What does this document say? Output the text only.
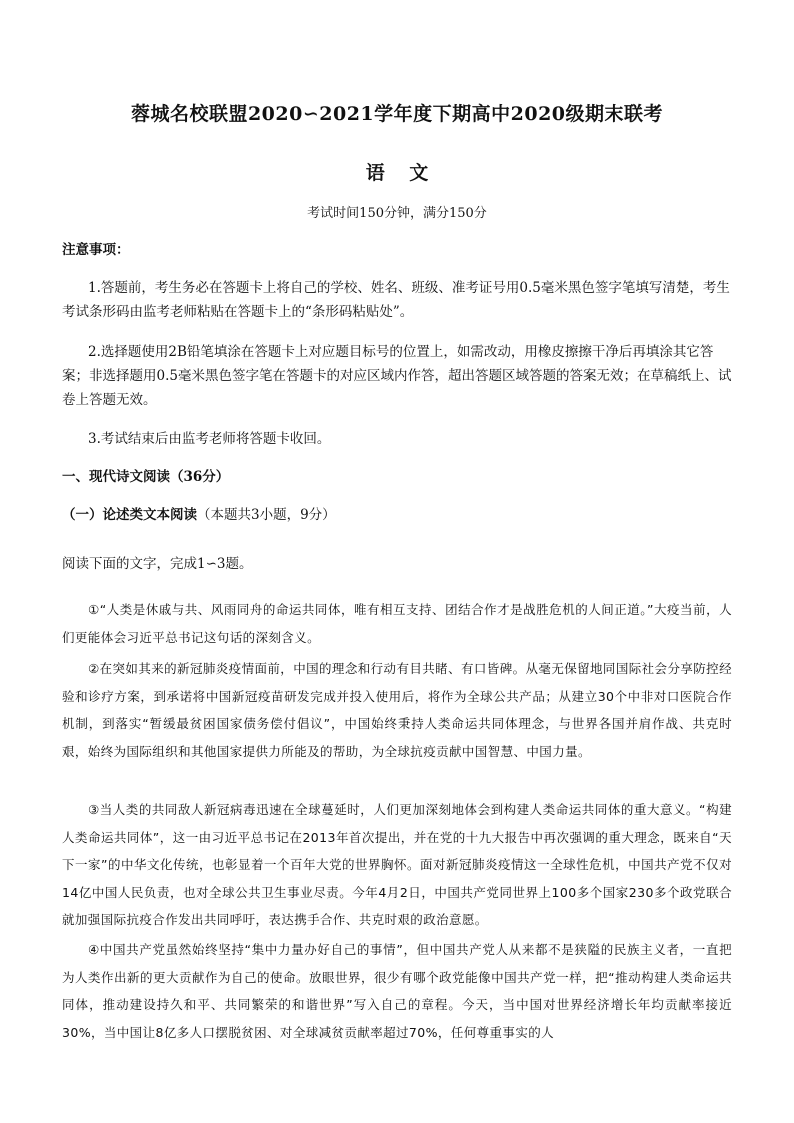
蓉城名校联盟2020∽2021学年度下期高中2020级期末联考
语 文
考试时间150分钟，满分150分
注意事项：
1.答题前，考生务必在答题卡上将自己的学校、姓名、班级、准考证号用0.5毫米黑色签字笔填写清楚，考生考试条形码由监考老师粘贴在答题卡上的“条形码粘贴处”。
2.选择题使用2B铅笔填涂在答题卡上对应题目标号的位置上，如需改动，用橡皮擦擦干净后再填涂其它答案；非选择题用0.5毫米黑色签字笔在答题卡的对应区域内作答，超出答题区域答题的答案无效；在草稿纸上、试卷上答题无效。
3.考试结束后由监考老师将答题卡收回。
一、现代诗文阅读（36分）
（一）论述类文本阅读（本题共3小题，9分）
阅读下面的文字，完成1∽3题。
①“人类是休戚与共、风雨同舟的命运共同体，唯有相互支持、团结合作才是战胜危机的人间正道。”大疫当前，人们更能体会习近平总书记这句话的深刻含义。
②在突如其来的新冠肺炎疫情面前，中国的理念和行动有目共睹、有口皆碑。从毫无保留地同国际社会分享防控经验和诊疗方案，到承诺将中国新冠疫苗研发完成并投入使用后，将作为全球公共产品；从建立30个中非对口医院合作机制，到落实“暂缓最贫困国家债务偿付倡议”，中国始终秉持人类命运共同体理念，与世界各国并肩作战、共克时艰，始终为国际组织和其他国家提供力所能及的帮助，为全球抗疫贡献中国智慧、中国力量。
③当人类的共同敌人新冠病毒迅速在全球蔓延时，人们更加深刻地体会到构建人类命运共同体的重大意义。“构建人类命运共同体”，这一由习近平总书记在2013年首次提出，并在党的十九大报告中再次强调的重大理念，既来自“天下一家”的中华文化传统，也彰显着一个百年大党的世界胸怀。面对新冠肺炎疫情这一全球性危机，中国共产党不仅对14亿中国人民负责，也对全球公共卫生事业尽责。今年4月2日，中国共产党同世界上100多个国家230多个政党联合就加强国际抗疫合作发出共同呼吁，表达携手合作、共克时艰的政治意愿。
④中国共产党虽然始终坚持“集中力量办好自己的事情”，但中国共产党人从来都不是狭隘的民族主义者，一直把为人类作出新的更大贡献作为自己的使命。放眼世界，很少有哪个政党能像中国共产党一样，把“推动构建人类命运共同体，推动建设持久和平、共同繁荣的和谐世界”写入自己的章程。今天，当中国对世界经济增长年均贡献率接近30%，当中国让8亿多人口摆脱贫困、对全球减贫贡献率超过70%，任何尊重事实的人
